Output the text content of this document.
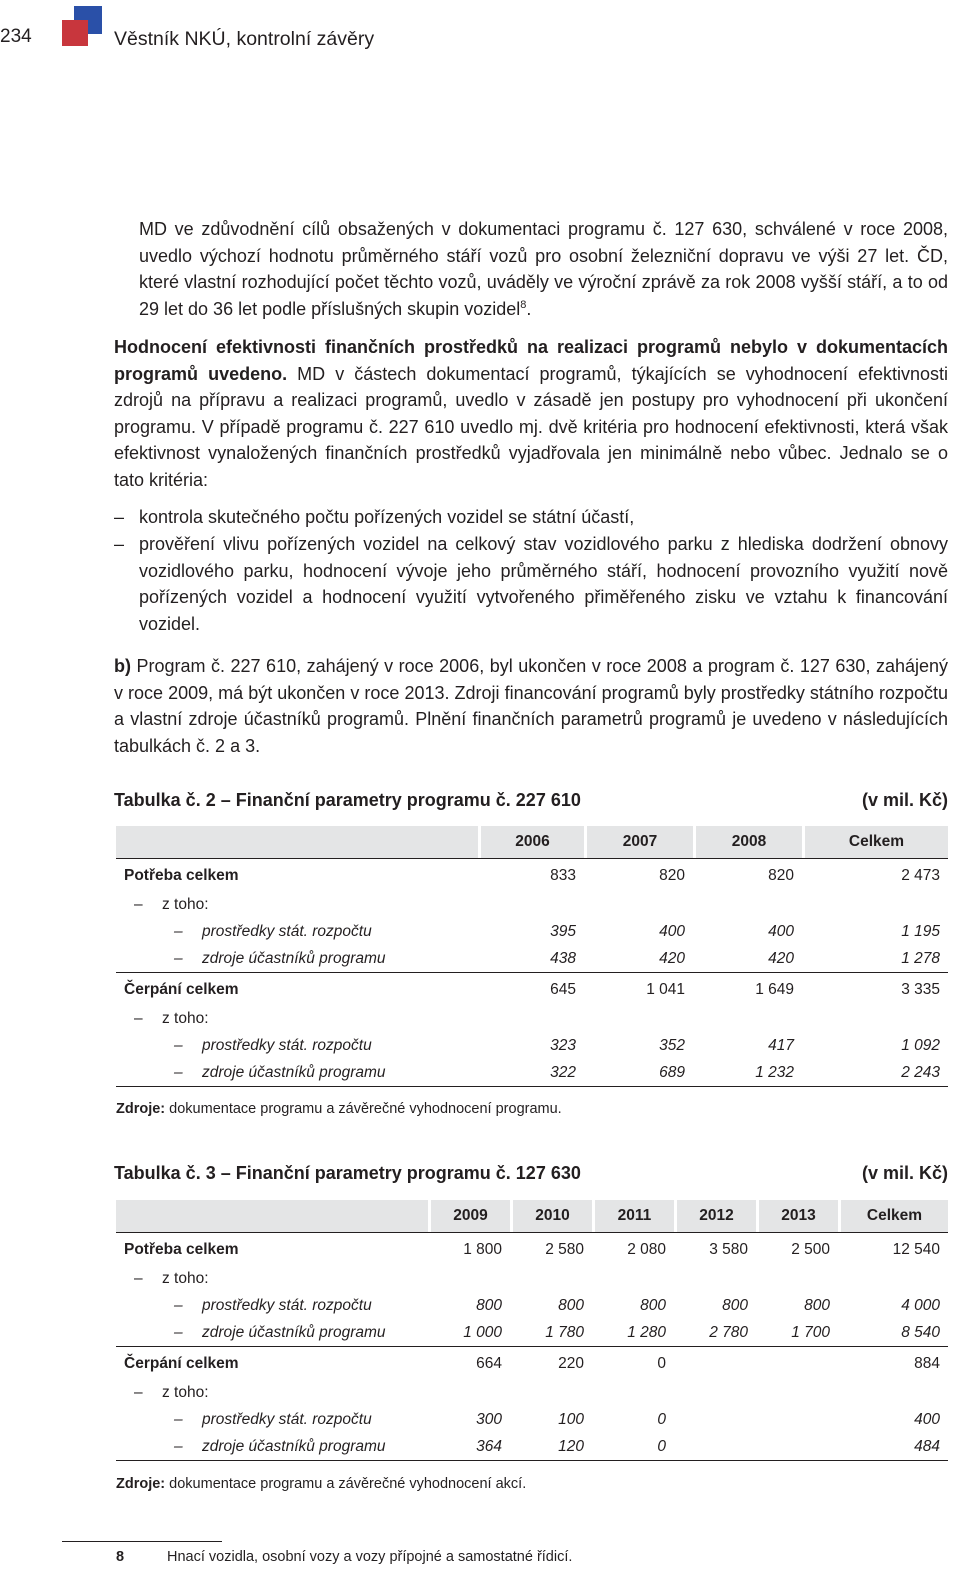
234	Věstník NKÚ, kontrolní závěry

MD ve zdůvodnění cílů obsažených v dokumentaci programu č. 127 630, schválené v roce 2008, uvedlo výchozí hodnotu průměrného stáří vozů pro osobní železniční dopravu ve výši 27 let. ČD, které vlastní rozhodující počet těchto vozů, uváděly ve výroční zprávě za rok 2008 vyšší stáří, a to od 29 let do 36 let podle příslušných skupin vozidel$^8$.

Hodnocení efektivnosti finančních prostředků na realizaci programů nebylo v dokumentacích programů uvedeno. MD v částech dokumentací programů, týkajících se vyhodnocení efektivnosti zdrojů na přípravu a realizaci programů, uvedlo v zásadě jen postupy pro vyhodnocení při ukončení programu. V případě programu č. 227 610 uvedlo mj. dvě kritéria pro hodnocení efektivnosti, která však efektivnost vynaložených finančních prostředků vyjadřovala jen minimálně nebo vůbec. Jednalo se o tato kritéria:

– kontrola skutečného počtu pořízených vozidel se státní účastí,

– prověření vlivu pořízených vozidel na celkový stav vozidlového parku z hlediska dodržení obnovy vozidlového parku, hodnocení vývoje jeho průměrného stáří, hodnocení provozního využití nově pořízených vozidel a hodnocení využití vytvořeného přiměřeného zisku ve vztahu k financování vozidel.

b) Program č. 227 610, zahájený v roce 2006, byl ukončen v roce 2008 a program č. 127 630, zahájený v roce 2009, má být ukončen v roce 2013. Zdroji financování programů byly prostředky státního rozpočtu a vlastní zdroje účastníků programů. Plnění finančních parametrů programů je uvedeno v následujících tabulkách č. 2 a 3.

Tabulka č. 2 – Finanční parametry programu č. 227 610	(v mil. Kč)
		2006		2007		2008		Celkem

Potřeba celkem		833		820		820		2 473
– z toho:								
– prostředky stát. rozpočtu		395		400		400		1 195
– zdroje účastníků programu		438		420		420		1 278

Čerpání celkem		645		1 041		1 649		3 335
– z toho:								
– prostředky stát. rozpočtu		323		352		417		1 092
– zdroje účastníků programu		322		689		1 232		2 243

Zdroje: dokumentace programu a závěrečné vyhodnocení programu.
Tabulka č. 3 – Finanční parametry programu č. 127 630	(v mil. Kč)
		2009		2010		2011		2012		2013		Celkem

Potřeba celkem		1 800		2 580		2 080		3 580		2 500		12 540
– z toho:												
– prostředky stát. rozpočtu		800		800		800		800		800		4 000
– zdroje účastníků programu		1 000		1 780		1 280		2 780		1 700		8 540

Čerpání celkem		664		220		0						884
– z toho:												
– prostředky stát. rozpočtu		300		100		0						400
– zdroje účastníků programu		364		120		0						484

Zdroje: dokumentace programu a závěrečné vyhodnocení akcí.
8	Hnací vozidla, osobní vozy a vozy přípojné a samostatné řídicí.
